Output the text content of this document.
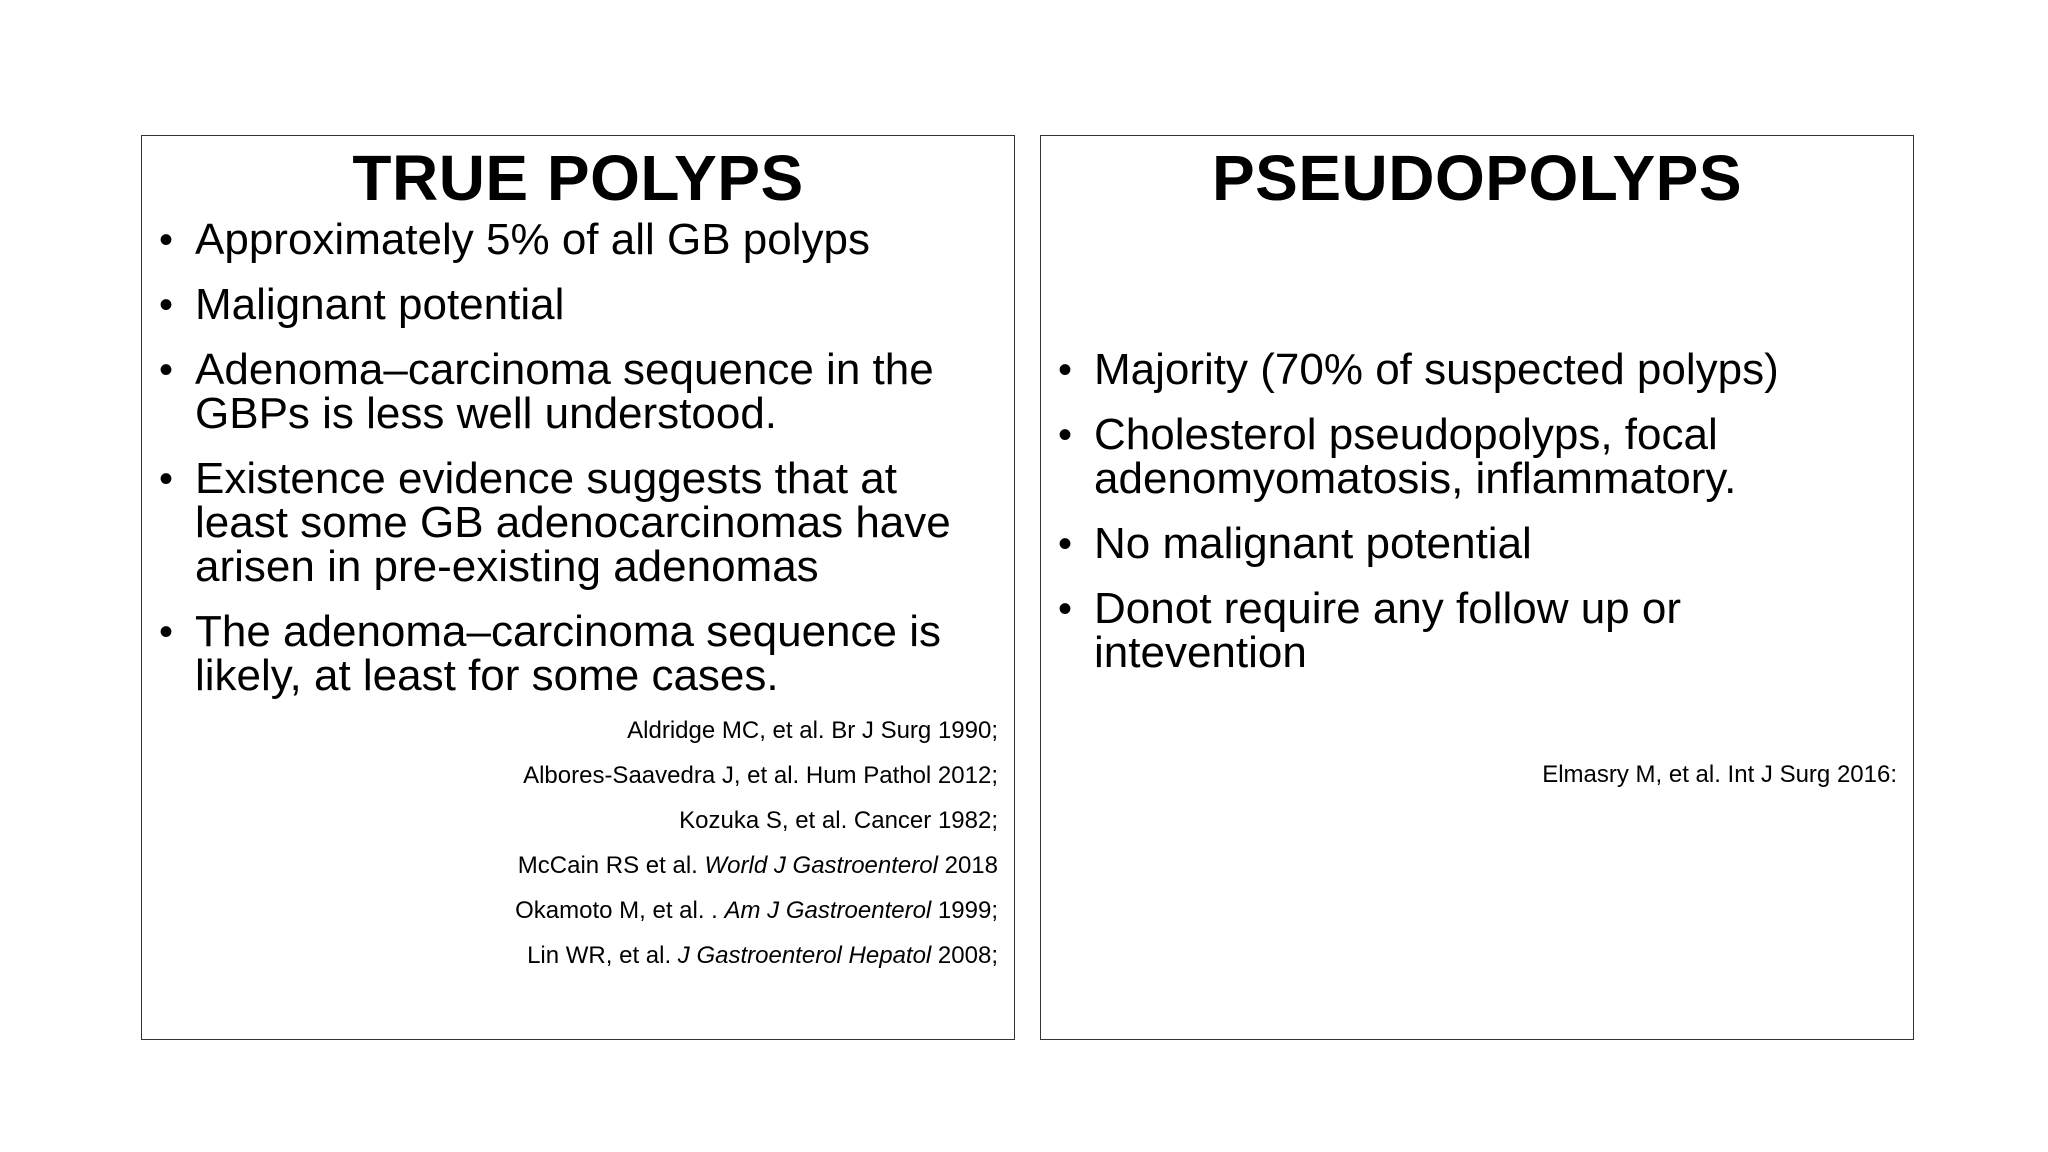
TRUE POLYPS
• Approximately 5% of all GB polyps
• Malignant potential
• Adenoma–carcinoma sequence in the GBPs is less well understood.
• Existence evidence suggests that at least some GB adenocarcinomas have arisen in pre-existing adenomas
• The adenoma–carcinoma sequence is likely, at least for some cases.
Aldridge MC, et al. Br J Surg 1990;
Albores-Saavedra J, et al. Hum Pathol 2012;
Kozuka S, et al. Cancer 1982;
McCain RS et al. World J Gastroenterol 2018
Okamoto M, et al. . Am J Gastroenterol 1999;
Lin WR, et al. J Gastroenterol Hepatol 2008;
PSEUDOPOLYPS
• Majority (70% of suspected polyps)
• Cholesterol pseudopolyps, focal adenomyomatosis, inflammatory.
• No malignant potential
• Donot require any follow up or intevention
Elmasry M, et al. Int J Surg 2016:
